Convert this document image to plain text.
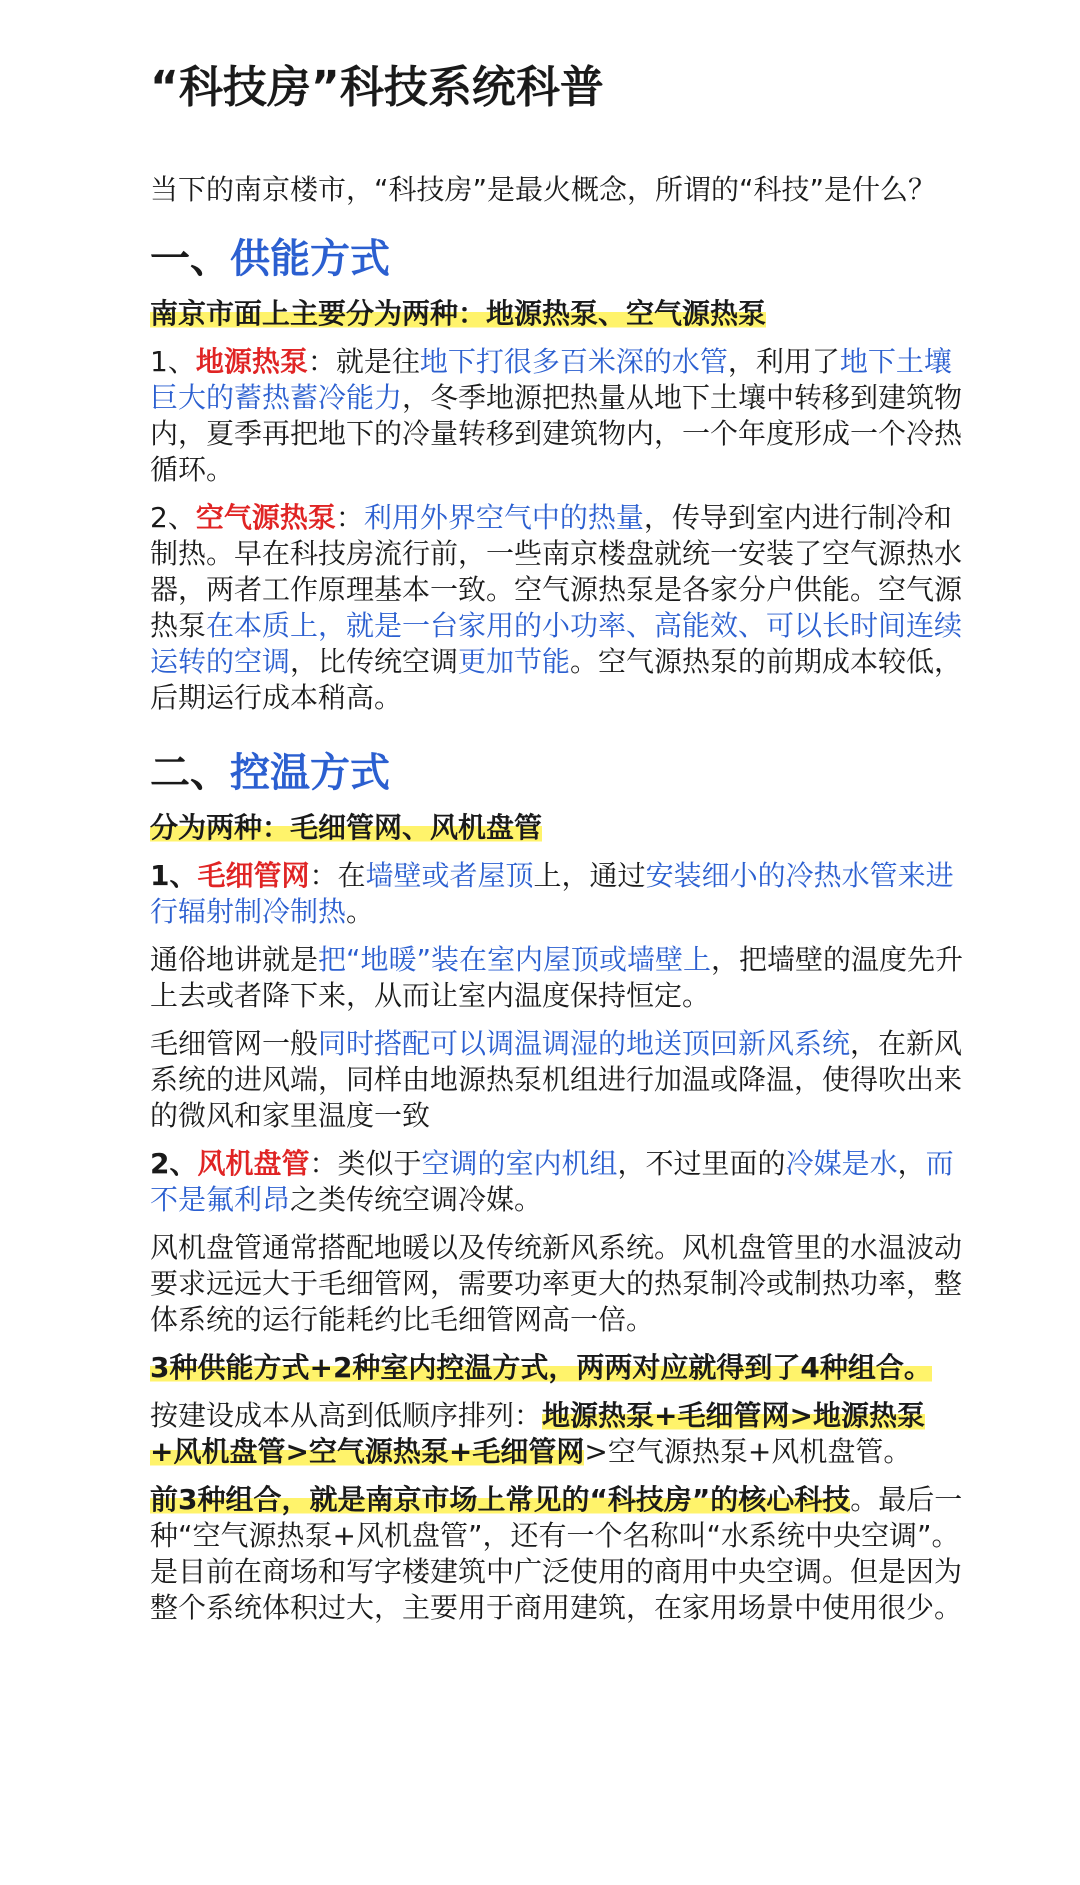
“科技房”科技系统科普

当下的南京楼市，“科技房”是最火概念，所谓的“科技”是什么？

一、供能方式

南京市面上主要分为两种：地源热泵、空气源热泵

1、地源热泵：就是往地下打很多百米深的水管，利用了地下土壤巨大的蓄热蓄冷能力，冬季地源把热量从地下土壤中转移到建筑物内，夏季再把地下的冷量转移到建筑物内，一个年度形成一个冷热循环。

2、空气源热泵：利用外界空气中的热量，传导到室内进行制冷和制热。早在科技房流行前，一些南京楼盘就统一安装了空气源热水器，两者工作原理基本一致。空气源热泵是各家分户供能。空气源热泵在本质上，就是一台家用的小功率、高能效、可以长时间连续运转的空调，比传统空调更加节能。空气源热泵的前期成本较低，后期运行成本稍高。

二、控温方式

分为两种：毛细管网、风机盘管

1、毛细管网：在墙壁或者屋顶上，通过安装细小的冷热水管来进行辐射制冷制热。

通俗地讲就是把“地暖”装在室内屋顶或墙壁上，把墙壁的温度先升上去或者降下来，从而让室内温度保持恒定。

毛细管网一般同时搭配可以调温调湿的地送顶回新风系统，在新风系统的进风端，同样由地源热泵机组进行加温或降温，使得吹出来的微风和家里温度一致

2、风机盘管：类似于空调的室内机组，不过里面的冷媒是水，而不是氟利昂之类传统空调冷媒。

风机盘管通常搭配地暖以及传统新风系统。风机盘管里的水温波动要求远远大于毛细管网，需要功率更大的热泵制冷或制热功率，整体系统的运行能耗约比毛细管网高一倍。

3种供能方式+2种室内控温方式，两两对应就得到了4种组合。

按建设成本从高到低顺序排列：地源热泵+毛细管网>地源热泵+风机盘管>空气源热泵+毛细管网>空气源热泵+风机盘管。

前3种组合，就是南京市场上常见的“科技房”的核心科技。最后一种“空气源热泵+风机盘管”，还有一个名称叫“水系统中央空调”。是目前在商场和写字楼建筑中广泛使用的商用中央空调。但是因为整个系统体积过大，主要用于商用建筑，在家用场景中使用很少。
